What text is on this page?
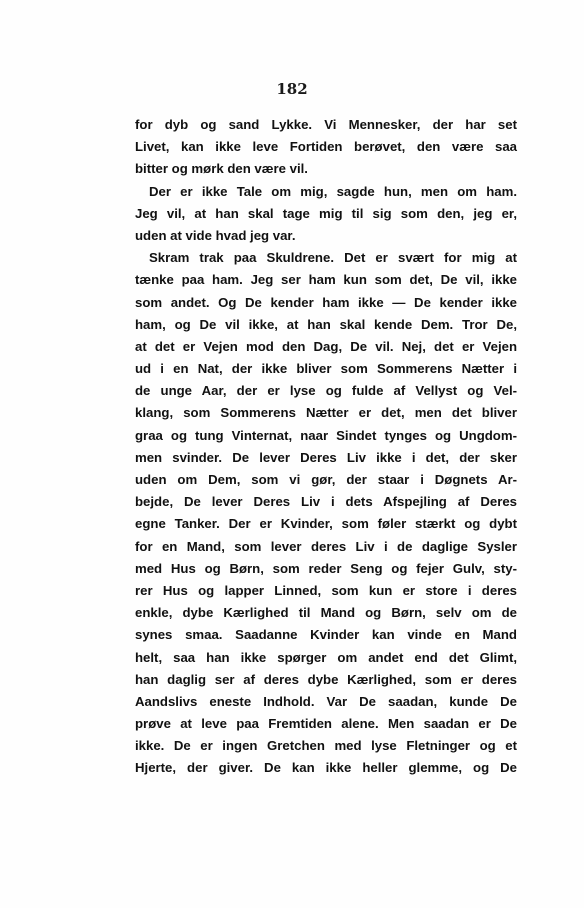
182
for dyb og sand Lykke. Vi Mennesker, der har set
Livet, kan ikke leve Fortiden berøvet, den være saa
bitter og mørk den være vil.
Der er ikke Tale om mig, sagde hun, men om ham.
Jeg vil, at han skal tage mig til sig som den, jeg er,
uden at vide hvad jeg var.
Skram trak paa Skuldrene. Det er svært for mig at
tænke paa ham. Jeg ser ham kun som det, De vil, ikke
som andet. Og De kender ham ikke — De kender ikke
ham, og De vil ikke, at han skal kende Dem. Tror De,
at det er Vejen mod den Dag, De vil. Nej, det er Vejen
ud i en Nat, der ikke bliver som Sommerens Nætter i
de unge Aar, der er lyse og fulde af Vellyst og Vel-
klang, som Sommerens Nætter er det, men det bliver
graa og tung Vinternat, naar Sindet tynges og Ungdom-
men svinder. De lever Deres Liv ikke i det, der sker
uden om Dem, som vi gør, der staar i Døgnets Ar-
bejde, De lever Deres Liv i dets Afspejling af Deres
egne Tanker. Der er Kvinder, som føler stærkt og dybt
for en Mand, som lever deres Liv i de daglige Sysler
med Hus og Børn, som reder Seng og fejer Gulv, sty-
rer Hus og lapper Linned, som kun er store i deres
enkle, dybe Kærlighed til Mand og Børn, selv om de
synes smaa. Saadanne Kvinder kan vinde en Mand
helt, saa han ikke spørger om andet end det Glimt,
han daglig ser af deres dybe Kærlighed, som er deres
Aandslivs eneste Indhold. Var De saadan, kunde De
prøve at leve paa Fremtiden alene. Men saadan er De
ikke. De er ingen Gretchen med lyse Fletninger og et
Hjerte, der giver. De kan ikke heller glemme, og De
